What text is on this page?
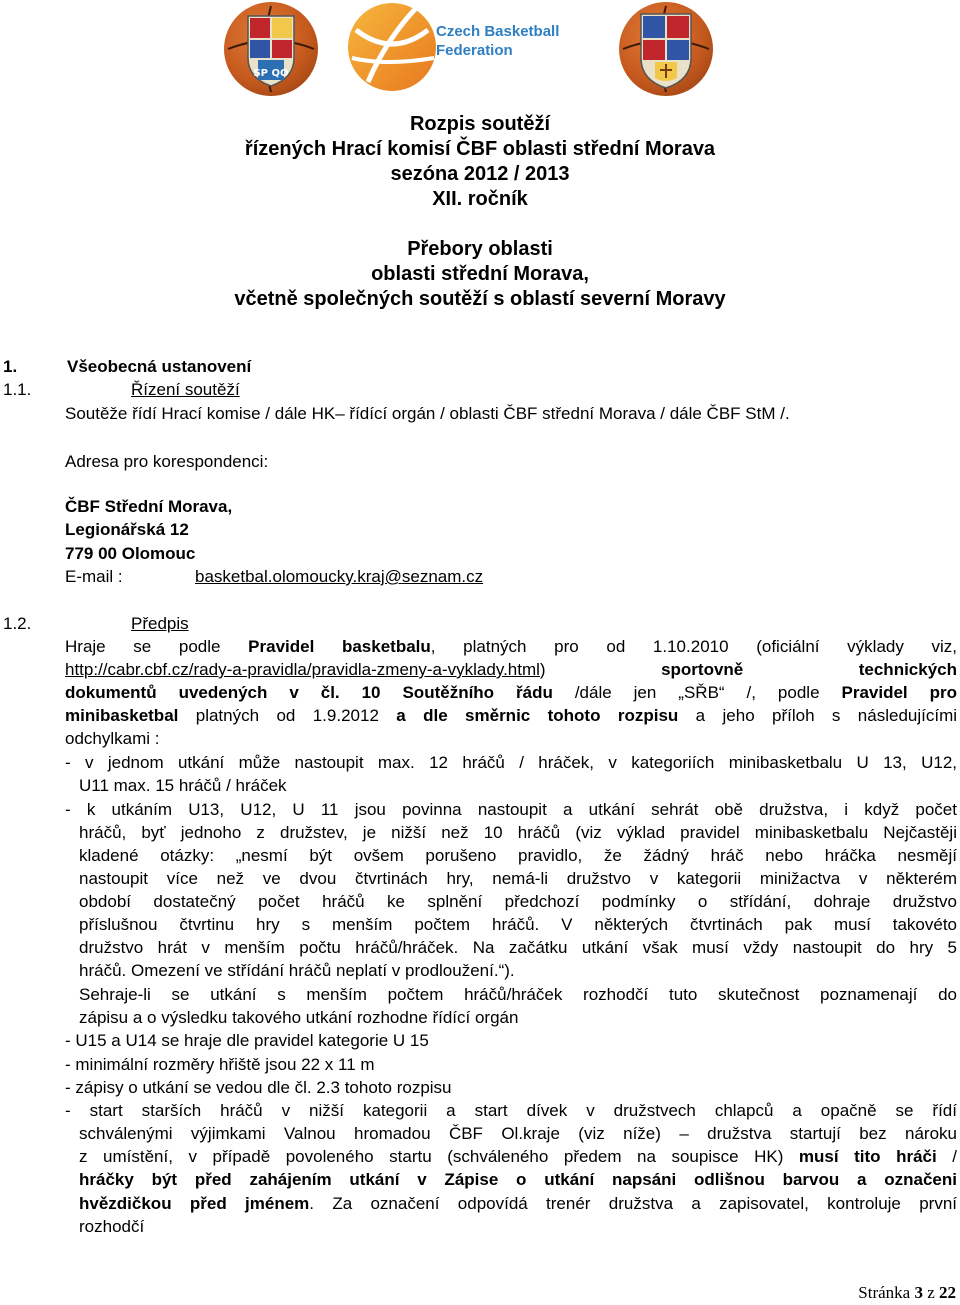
SP QO
Czech Basketball
Federation
Rozpis soutěží
řízených Hrací komisí ČBF oblasti střední Morava
sezóna 2012 / 2013
XII. ročník
Přebory oblasti
oblasti střední Morava,
včetně společných soutěží s oblastí severní Moravy
1.	Všeobecná ustanovení
1.1.	Řízení soutěží
Soutěže řídí Hrací komise / dále HK– řídící orgán / oblasti ČBF střední Morava / dále ČBF StM /.
Adresa pro korespondenci:
ČBF Střední Morava,
Legionářská 12
779 00 Olomouc
E-mail :	basketbal.olomoucky.kraj@seznam.cz
1.2.	Předpis
Hraje se podle Pravidel basketbalu, platných pro od 1.10.2010 (oficiální výklady viz,
http://cabr.cbf.cz/rady-a-pravidla/pravidla-zmeny-a-vyklady.html) sportovně technických
dokumentů uvedených v čl. 10 Soutěžního řádu /dále jen „SŘB“ /, podle Pravidel pro
minibasketbal platných od 1.9.2012 a dle směrnic tohoto rozpisu a jeho příloh s následujícími
odchylkami :
- v jednom utkání může nastoupit max. 12 hráčů / hráček, v kategoriích minibasketbalu U 13, U12,
U11 max. 15 hráčů / hráček
- k utkáním U13, U12, U 11 jsou povinna nastoupit a utkání sehrát obě družstva, i když počet
hráčů, byť jednoho z družstev, je nižší než 10 hráčů (viz výklad pravidel minibasketbalu Nejčastěji
kladené otázky: „nesmí být ovšem porušeno pravidlo, že žádný hráč nebo hráčka nesmějí
nastoupit více než ve dvou čtvrtinách hry, nemá-li družstvo v kategorii minižactva v některém
období dostatečný počet hráčů ke splnění předchozí podmínky o střídání, dohraje družstvo
příslušnou čtvrtinu hry s menším počtem hráčů. V některých čtvrtinách pak musí takovéto
družstvo hrát v menším počtu hráčů/hráček. Na začátku utkání však musí vždy nastoupit do hry 5
hráčů. Omezení ve střídání hráčů neplatí v prodloužení.“).
Sehraje-li se utkání s menším počtem hráčů/hráček rozhodčí tuto skutečnost poznamenají do
zápisu a o výsledku takového utkání rozhodne řídící orgán
- U15 a U14 se hraje dle pravidel kategorie U 15
- minimální rozměry hřiště jsou 22 x 11 m
- zápisy o utkání se vedou dle čl. 2.3 tohoto rozpisu
- start starších hráčů v nižší kategorii a start dívek v družstvech chlapců a opačně se řídí
schválenými výjimkami Valnou hromadou ČBF Ol.kraje (viz níže) – družstva startují bez nároku
z umístění, v případě povoleného startu (schváleného předem na soupisce HK) musí tito hráči /
hráčky být před zahájením utkání v Zápise o utkání napsáni odlišnou barvou a označeni
hvězdičkou před jménem. Za označení odpovídá trenér družstva a zapisovatel, kontroluje první
rozhodčí
Stránka 3 z 22
